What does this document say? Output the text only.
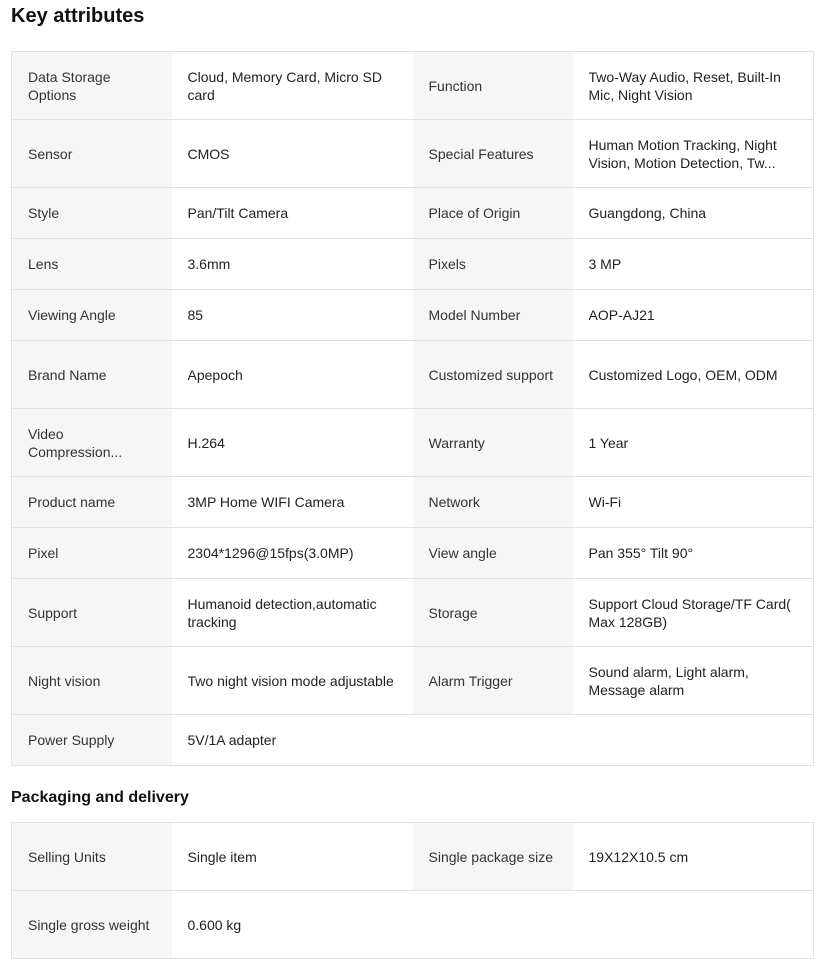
Key attributes
Data Storage Options	Cloud, Memory Card, Micro SD card	Function	Two-Way Audio, Reset, Built-In Mic, Night Vision

Sensor	CMOS	Special Features	Human Motion Tracking, Night Vision, Motion Detection, Tw...

Style	Pan/Tilt Camera	Place of Origin	Guangdong, China

Lens	3.6mm	Pixels	3 MP

Viewing Angle	85	Model Number	AOP-AJ21

Brand Name	Apepoch	Customized support	Customized Logo, OEM, ODM

Video Compression...	H.264	Warranty	1 Year

Product name	3MP Home WIFI Camera	Network	Wi-Fi

Pixel	2304*1296@15fps(3.0MP)	View angle	Pan 355° Tilt 90°

Support	Humanoid detection,automatic tracking	Storage	Support Cloud Storage/TF Card( Max 128GB)

Night vision	Two night vision mode adjustable	Alarm Trigger	Sound alarm, Light alarm, Message alarm

Power Supply	5V/1A adapter		

Packaging and delivery
Selling Units	Single item	Single package size	19X12X10.5 cm

Single gross weight	0.600 kg		
